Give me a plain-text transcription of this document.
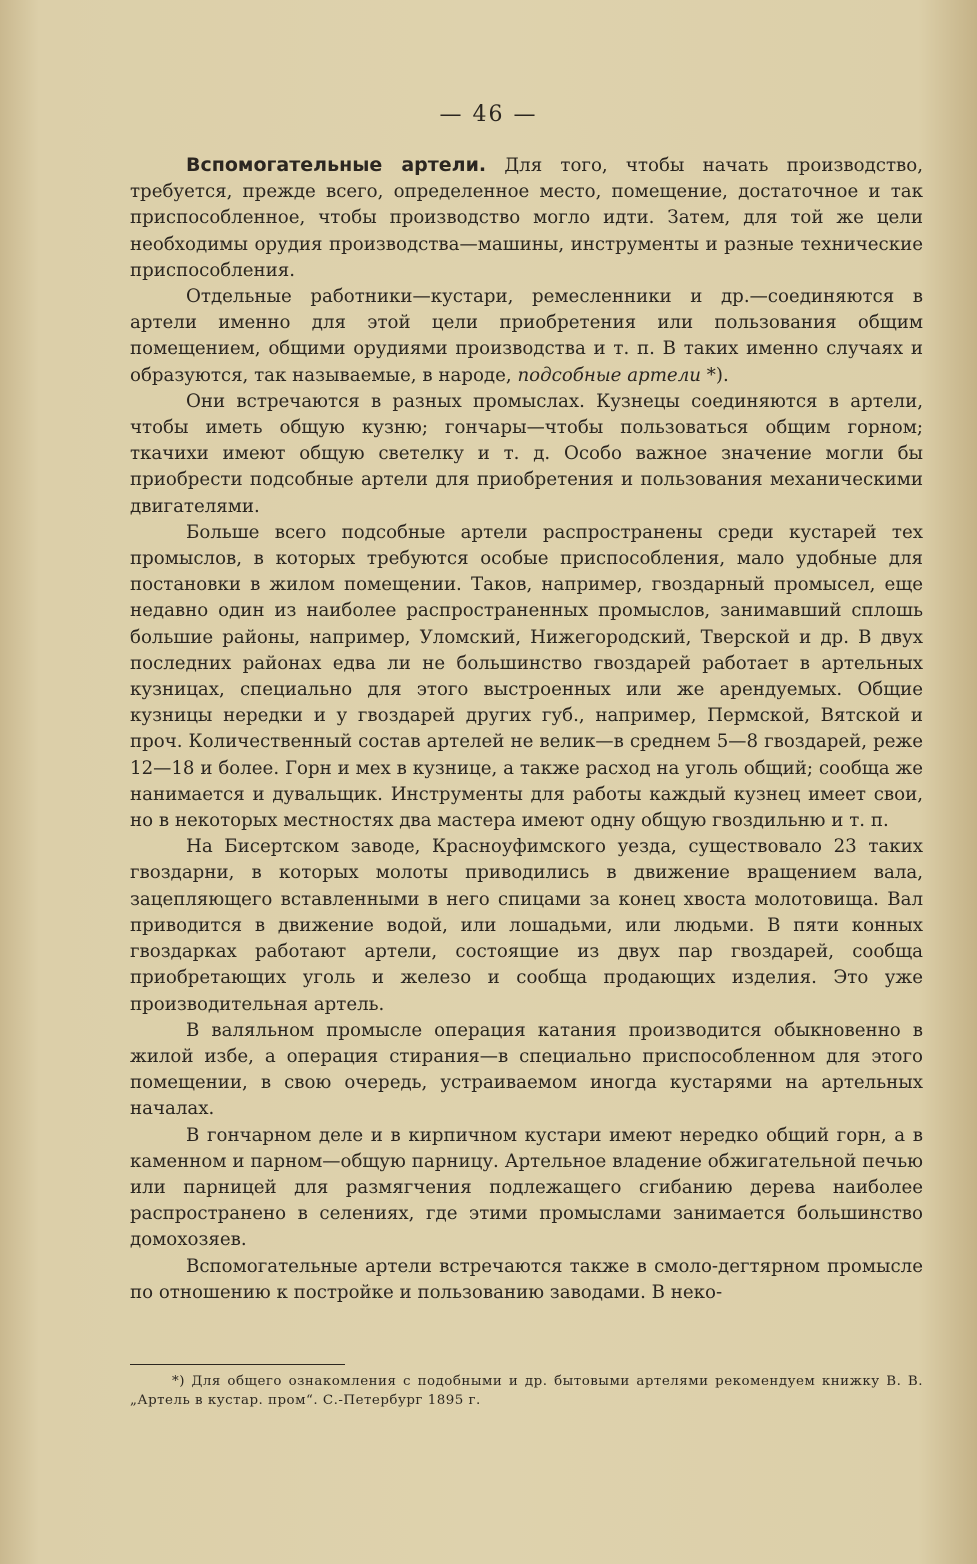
— 46 —

Вспомогательные артели. Для того, чтобы начать производство, требуется, прежде всего, определенное место, помещение, достаточное и так приспособленное, чтобы производство могло идти. Затем, для той же цели необходимы орудия производства—машины, инструменты и разные технические приспособления.

Отдельные работники—кустари, ремесленники и др.—соединяются в артели именно для этой цели приобретения или пользования общим помещением, общими орудиями производства и т. п. В таких именно случаях и образуются, так называемые, в народе, подсобные артели *).

Они встречаются в разных промыслах. Кузнецы соединяются в артели, чтобы иметь общую кузню; гончары—чтобы пользоваться общим горном; ткачихи имеют общую светелку и т. д. Особо важное значение могли бы приобрести подсобные артели для приобретения и пользования механическими двигателями.

Больше всего подсобные артели распространены среди кустарей тех промыслов, в которых требуются особые приспособления, мало удобные для постановки в жилом помещении. Таков, например, гвоздарный промысел, еще недавно один из наиболее распространенных промыслов, занимавший сплошь большие районы, например, Уломский, Нижегородский, Тверской и др. В двух последних районах едва ли не большинство гвоздарей работает в артельных кузницах, специально для этого выстроенных или же арендуемых. Общие кузницы нередки и у гвоздарей других губ., например, Пермской, Вятской и проч. Количественный состав артелей не велик—в среднем 5—8 гвоздарей, реже 12—18 и более. Горн и мех в кузнице, а также расход на уголь общий; сообща же нанимается и дувальщик. Инструменты для работы каждый кузнец имеет свои, но в некоторых местностях два мастера имеют одну общую гвоздильню и т. п.

На Бисертском заводе, Красноуфимского уезда, существовало 23 таких гвоздарни, в которых молоты приводились в движение вращением вала, зацепляющего вставленными в него спицами за конец хвоста молотовища. Вал приводится в движение водой, или лошадьми, или людьми. В пяти конных гвоздарках работают артели, состоящие из двух пар гвоздарей, сообща приобретающих уголь и железо и сообща продающих изделия. Это уже производительная артель.

В валяльном промысле операция катания производится обыкновенно в жилой избе, а операция стирания—в специально приспособленном для этого помещении, в свою очередь, устраиваемом иногда кустарями на артельных началах.

В гончарном деле и в кирпичном кустари имеют нередко общий горн, а в каменном и парном—общую парницу. Артельное владение обжигательной печью или парницей для размягчения подлежащего сгибанию дерева наиболее распространено в селениях, где этими промыслами занимается большинство домохозяев.

Вспомогательные артели встречаются также в смоло-дегтярном промысле по отношению к постройке и пользованию заводами. В неко-

*) Для общего ознакомления с подобными и др. бытовыми артелями рекомендуем книжку В. В. „Артель в кустар. пром“. С.-Петербург 1895 г.
